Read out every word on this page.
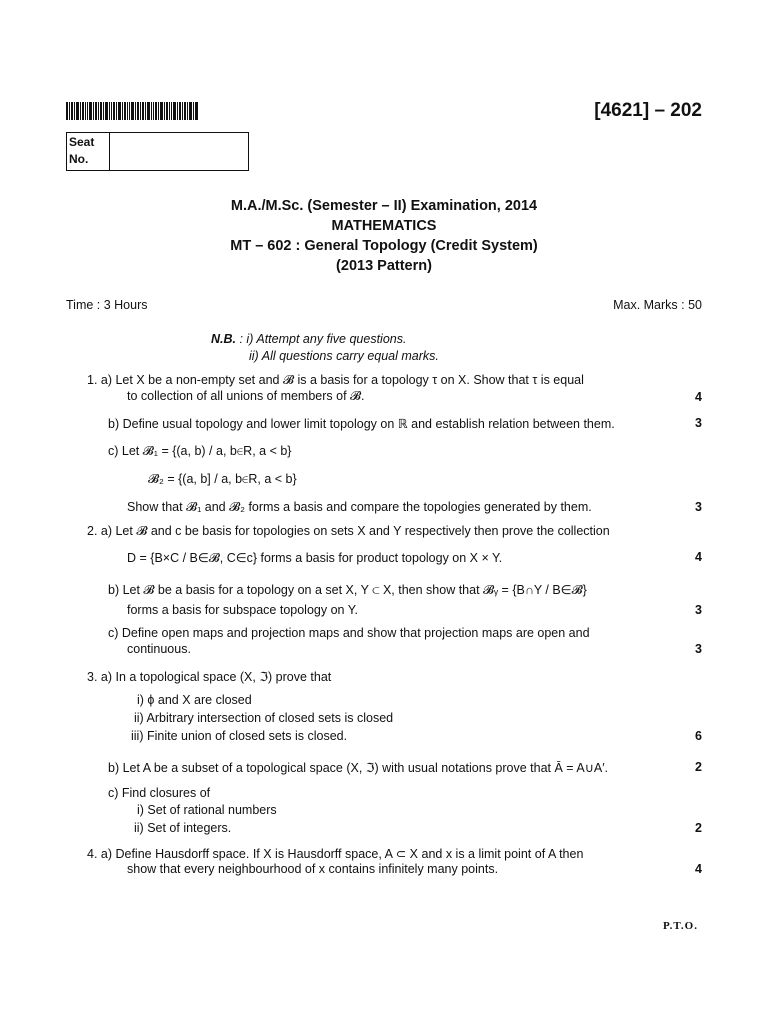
[4621] – 202
Seat No.
M.A./M.Sc. (Semester – II) Examination, 2014
MATHEMATICS
MT – 602 : General Topology (Credit System)
(2013 Pattern)
Time : 3 Hours	Max. Marks : 50
N.B. : i) Attempt any five questions.
ii) All questions carry equal marks.
1. a) Let X be a non-empty set and 𝓑 is a basis for a topology τ on X. Show that τ is equal
to collection of all unions of members of 𝓑.	4
b) Define usual topology and lower limit topology on ℝ and establish relation between them.	3
c) Let 𝓑₁ = {(a, b) / a, b∈R, a < b}
𝓑₂ = {(a, b] / a, b∈R, a < b}
Show that 𝓑₁ and 𝓑₂ forms a basis and compare the topologies generated by them.	3
2. a) Let 𝓑 and c be basis for topologies on sets X and Y respectively then prove the collection
D = {B×C / B∈𝓑, C∈c} forms a basis for product topology on X × Y.	4
b) Let 𝓑 be a basis for a topology on a set X, Y ⊂ X, then show that 𝓑ᵧ = {B∩Y / B∈𝓑}
forms a basis for subspace topology on Y.	3
c) Define open maps and projection maps and show that projection maps are open and
continuous.	3
3. a) In a topological space (X, ℑ) prove that
i) ϕ and X are closed
ii) Arbitrary intersection of closed sets is closed
iii) Finite union of closed sets is closed.	6
b) Let A be a subset of a topological space (X, ℑ) with usual notations prove that Ā = A∪A′.	2
c) Find closures of
i) Set of rational numbers
ii) Set of integers.	2
4. a) Define Hausdorff space. If X is Hausdorff space, A ⊂ X and x is a limit point of A then
show that every neighbourhood of x contains infinitely many points.	4
P.T.O.
